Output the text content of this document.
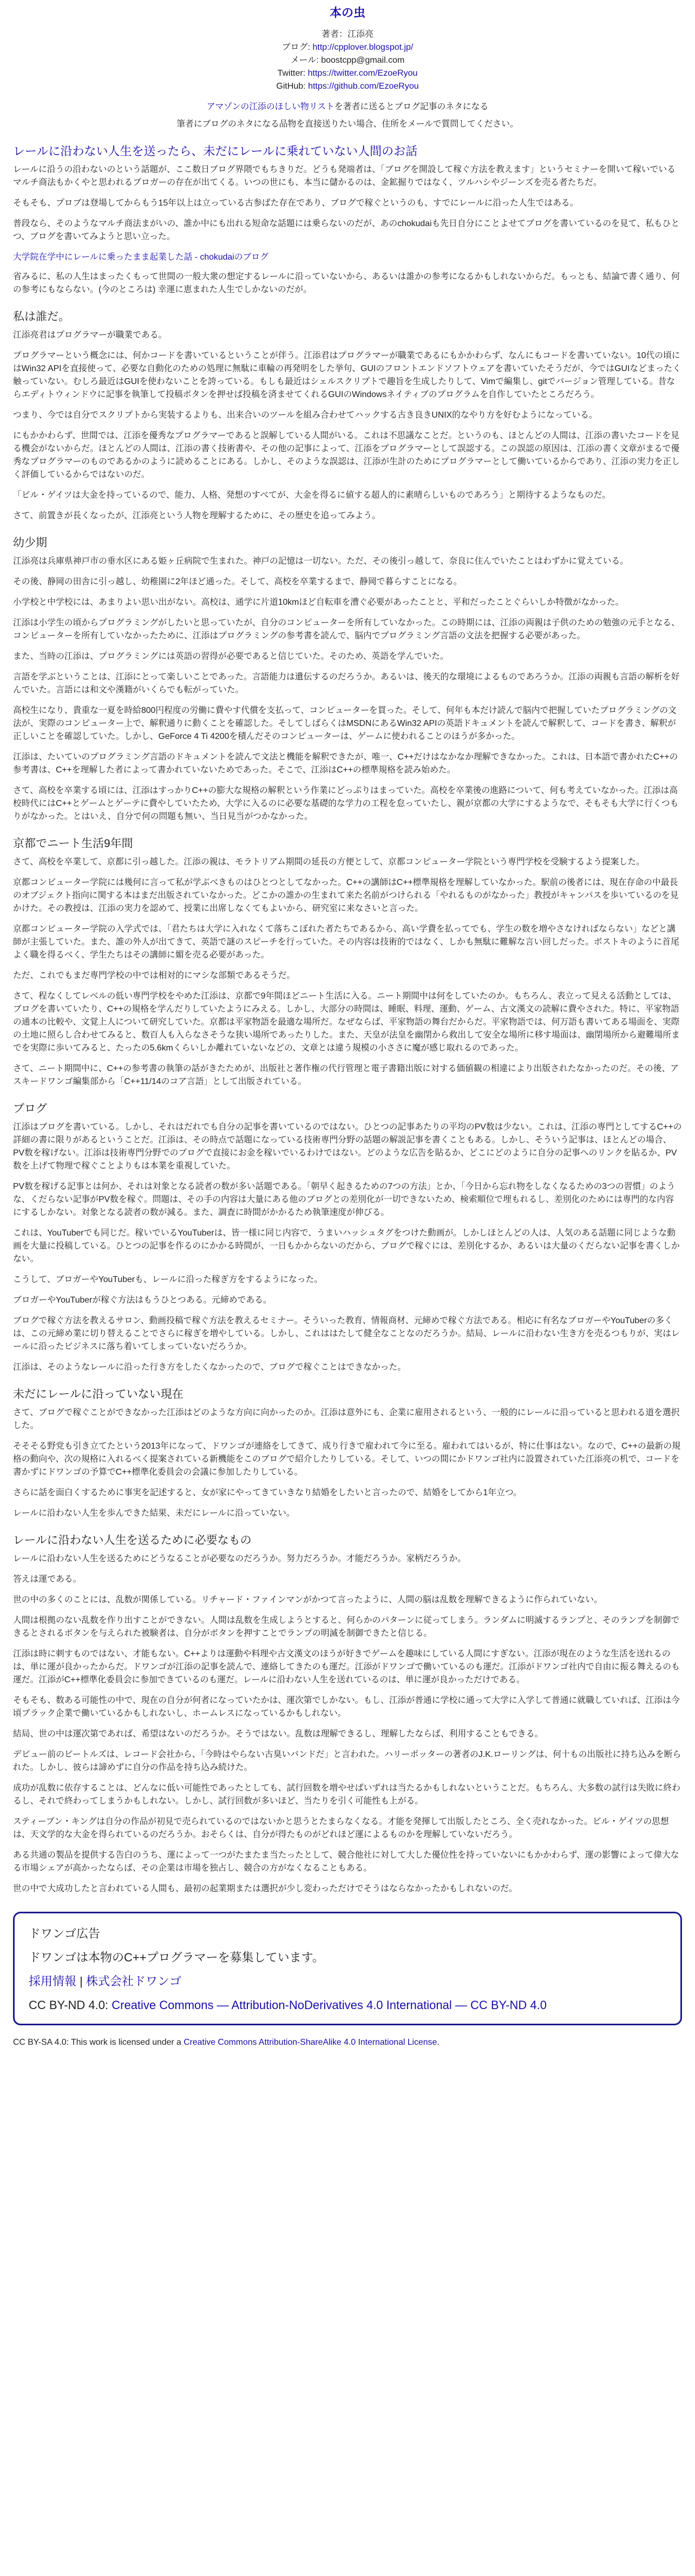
本の虫
著者：江添亮
ブログ: http://cpplover.blogspot.jp/
メール: boostcpp@gmail.com
Twitter: https://twitter.com/EzoeRyou
GitHub: https://github.com/EzoeRyou
アマゾンの江添のほしい物リストを著者に送るとブログ記事のネタになる
筆者にブログのネタになる品物を直接送りたい場合、住所をメールで質問してください。
レールに沿わない人生を送ったら、未だにレールに乗れていない人間のお話

レールに沿うの沿わないのという話題が、ここ数日ブログ界隈でもちきりだ。どうも発端者は、「ブログを開設して稼ぐ方法を教えます」というセミナーを開いて稼いでいるマルチ商法もかくやと思われるブロガーの存在が出てくる。いつの世にも、本当に儲かるのは、金鉱掘りではなく、ツルハシやジーンズを売る者たちだ。

そもそも、プロブは登場してからもう15年以上は立っている古参ばた存在であり、ブログで稼ぐというのも、すでにレールに沿った人生ではある。

普段なら、そのようなマルチ商法まがいの、誰か中にも出れる短命な話題には乗らないのだが、あのchokudaiも先日自分にことよせてブログを書いているのを見て、私もひとつ、ブログを書いてみようと思い立った。

大学院在学中にレールに乗ったまま起業した話 - chokudaiのブログ

省みるに、私の人生はまったくもって世間の一般大衆の想定するレールに沿っていないから、あるいは誰かの参考になるかもしれないからだ。もっとも、結論で書く通り、何の参考にもならない。(今のところは) 幸運に恵まれた人生でしかないのだが。

私は誰だ。

江添亮君はプログラマーが職業である。

プログラマーという概念には、何かコードを書いているということが伴う。江添君はプログラマーが職業であるにもかかわらず、なんにもコードを書いていない。10代の頃にはWin32 APIを直接使って、必要な自動化のための処理に無駄に車輪の再発明をした挙句、GUIのフロントエンドソフトウェアを書いていたそうだが、今ではGUIなどまったく触っていない。むしろ最近はGUIを使わないことを誇っている。もしも最近はシェルスクリプトで趣旨を生成したりして、Vimで編集し、gitでバージョン管理している。昔ならエディトウィンドウに記事を執筆して投稿ボタンを押せば投稿を済ませてくれるGUIのWindowsネイティブのプログラムを自作していたところだろう。

つまり、今では自分でスクリプトから実装するよりも、出来合いのツールを組み合わせてハックする古き良きUNIX的なやり方を好むようになっている。

にもかかわらず、世間では、江添を優秀なプログラマーであると誤解している人間がいる。これは不思議なことだ。というのも、ほとんどの人間は、江添の書いたコードを見る機会がないからだ。ほとんどの人間は、江添の書く技術書や、その他の記事によって、江添をプログラマーとして誤認する。この誤認の原因は、江添の書く文章がまるで優秀なプログラマーのものであるかのように読めることにある。しかし、そのような誤認は、江添が生計のためにプログラマーとして働いているからであり、江添の実力を正しく評価しているからではないのだ。

「ビル・ゲイツは大金を持っているので、能力、人格、発想のすべてが、大金を得るに値する超人的に素晴らしいものであろう」と期待するようなものだ。

さて、前置きが長くなったが、江添亮という人物を理解するために、その歴史を追ってみよう。

幼少期

江添亮は兵庫県神戸市の垂水区にある姫ヶ丘病院で生まれた。神戸の記憶は一切ない。ただ、その後引っ越して、奈良に住んでいたことはわずかに覚えている。

その後、静岡の田舎に引っ越し、幼稚園に2年ほど通った。そして、高校を卒業するまで、静岡で暮らすことになる。

小学校と中学校には、あまりよい思い出がない。高校は、通学に片道10kmほど自転車を漕ぐ必要があったことと、平和だったことぐらいしか特徴がなかった。

江添は小学生の頃からプログラミングがしたいと思っていたが、自分のコンピューターを所有していなかった。この時期には、江添の両親は子供のための勉強の元手となる、コンピューターを所有していなかったために、江添はプログラミングの参考書を読んで、脳内でプログラミング言語の文法を把握する必要があった。

また、当時の江添は、プログラミングには英語の習得が必要であると信じていた。そのため、英語を学んでいた。

言語を学ぶということは、江添にとって楽しいことであった。言語能力は遺伝するのだろうか。あるいは、後天的な環境によるものであろうか。江添の両親も言語の解析を好んでいた。言語には和文や漢籍がいくらでも転がっていた。

高校生になり、貴重な一夏を時給800円程度の労働に費やす代償を支払って、コンピューターを買った。そして、何年も本だけ読んで脳内で把握していたプログラミングの文法が、実際のコンピューター上で、解釈通りに動くことを確認した。そしてしばらくはMSDNにあるWin32 APIの英語ドキュメントを読んで解釈して、コードを書き、解釈が正しいことを確認していた。しかし、GeForce 4 Ti 4200を積んだそのコンピューターは、ゲームに使われることのほうが多かった。

江添は、たいていのプログラミング言語のドキュメントを読んで文法と機能を解釈できたが、唯一、C++だけはなかなか理解できなかった。これは、日本語で書かれたC++の参考書は、C++を理解した者によって書かれていないためであった。そこで、江添はC++の標準規格を読み始めた。

さて、高校を卒業する頃には、江添はすっかりC++の膨大な規格の解釈という作業にどっぷりはまっていた。高校を卒業後の進路について、何も考えていなかった。江添は高校時代にはC++とゲームとゲーテに費やしていたため、大学に入るのに必要な基礎的な学力の工程を怠っていたし、親が京都の大学にするようなで、そもそも大学に行くつもりがなかった。とはいえ、自分で何の問題も無い、当日見当がつかなかった。

京都でニート生活9年間

さて、高校を卒業して、京都に引っ越した。江添の親は、モラトリアム期間の延長の方便として、京都コンピューター学院という専門学校を受験するよう提案した。

京都コンピューター学院には幾何に言って私が学ぶべきものはひとつとしてなかった。C++の講師はC++標準規格を理解していなかった。駅前の後者には、現在存命の中最長のオブジェクト指向に関する本はまだ出版されていなかった。どこかの誰かの生まれて来た名前がつけられる「やれるものがなかった」教授がキャンパスを歩いているのを見かけた。その教授は、江添の実力を認めて、授業に出席しなくてもよいから、研究室に来なさいと言った。

京都コンピューター学院の入学式では、「君たちは大学に入れなくて落ちこぼれた者たちであるから、高い学費を払ってでも、学生の数を増やさなければならない」などと講師が主張していた。また、誰の外人が出てきて、英語で謎のスピーチを行っていた。その内容は技術的ではなく、しかも無駄に難解な言い回しだった。ボストキのように首尾よく職を得るべく、学生たちはその講師に媚を売る必要があった。

ただ、これでもまだ専門学校の中では相対的にマシな部類であるそうだ。

さて、程なくしてレベルの低い専門学校をやめた江添は、京都で9年間ほどニート生活に入る。ニート期間中は何をしていたのか。もちろん、表立って見える活動としては、ブログを書いていたり、C++の規格を学んだりしていたようにみえる。しかし、大部分の時間は、睡眠、料理、運動、ゲーム、古文漢文の読解に費やされた。特に、平家物語の通本の比較や、文覚上人について研究していた。京都は平家物語を最適な場所だ。なぜならば、平家物語の舞台だからだ。平家物語では、何万語も書いてある場面を、実際の土地に照らし合わせてみると、数百人も入らなさそうな狭い場所であったりした。また、天皇が法皇を幽閉から救出して安全な場所に移す場面は、幽閉場所から避難場所までを実際に歩いてみると、たったの5.6kmくらいしか離れていないなどの、文章とは違う規模の小ささに魔が感じ取れるのであった。

さて、ニート期間中に、C++の参考書の執筆の話がきたためが、出版社と著作権の代行管理と電子書籍出版に対する価値観の相違により出版されたなかったのだ。その後、アスキードワンゴ編集部から「C++11/14のコア言語」として出版されている。

ブログ

江添はブログを書いている。しかし、それはだれでも自分の記事を書いているのではない。ひとつの記事あたりの平均のPV数は少ない。これは、江添の専門としてするC++の詳細の書に限りがあるということだ。江添は、その時点で話題になっている技術専門分野の話題の解説記事を書くこともある。しかし、そういう記事は、ほとんどの場合、PV数を稼げない。江添は技術専門分野でのブログで直接にお金を稼いでいるわけではない。どのような広告を貼るか、どこにどのように自分の記事へのリンクを貼るか、PV数を上げて物理で稼ぐことよりもは本業を重視していた。

PV数を稼げる記事とは何か、それは対象となる読者の数が多い話題である。「朝早く起きるための7つの方法」とか、「今日から忘れ物をしなくなるための3つの習慣」のような、くだらない記事がPV数を稼ぐ。問題は、その手の内容は大量にある他のブログとの差別化が一切できないため、検索順位で埋もれるし、差別化のためには専門的な内容にするしかない。対象となる読者の数が減る。また、調査に時間がかかるため執筆速度が伸びる。

これは、YouTuberでも同じだ。稼いでいるYouTuberは、皆一様に同じ内容で、うまいハッシュタグをつけた動画が。しかしほとんどの人は、人気のある話題に同じような動画を大量に投稿している。ひとつの記事を作るのにかかる時間が、一日もかからないのだから、ブログで稼ぐには、差別化するか、あるいは大量のくだらない記事を書くしかない。

こうして、ブロガーやYouTuberも、レールに沿った稼ぎ方をするようになった。

ブロガーやYouTuberが稼ぐ方法はもうひとつある。元締めである。

ブログで稼ぐ方法を教えるサロン、動画投稿で稼ぐ方法を教えるセミナー。そういった教育、情報商材、元締めで稼ぐ方法である。相応に有名なブロガーやYouTuberの多くは、この元締め業に切り替えることでさらに稼ぎを増やしている。しかし、これははたして健全なことなのだろうか。結局、レールに沿わない生き方を売るつもりが、実はレールに沿ったビジネスに落ち着いてしまっていないだろうか。

江添は、そのようなレールに沿った行き方をしたくなかったので、ブログで稼ぐことはできなかった。

未だにレールに沿っていない現在

さて、ブログで稼ぐことができなかった江添はどのような方向に向かったのか。江添は意外にも、企業に雇用されるという、一般的にレールに沿っていると思われる道を選択した。

そそそる野党も引き立てたという2013年になって、ドワンゴが連絡をしてきて、成り行きで雇われて今に至る。雇われてはいるが、特に仕事はない。なので、C++の最新の規格の動向や、次の規格に入れるべく提案されている新機能をこのブログで紹介したりしている。そして、いつの間にかドワンゴ社内に設置されていた江添亮の机で、コードを書かずにドワンゴの予算でC++標準化委員会の会議に参加したりしている。

さらに話を面白くするために事実を記述すると、女が家にやってきていきなり結婚をしたいと言ったので、結婚をしてから1年立つ。

レールに沿わない人生を歩んできた結果、未だにレールに沿っていない。

レールに沿わない人生を送るために必要なもの

レールに沿わない人生を送るためにどうなることが必要なのだろうか。努力だろうか。才能だろうか。家柄だろうか。

答えは運である。

世の中の多くのことには、乱数が関係している。リチャード・ファインマンがかつて言ったように、人間の脳は乱数を理解できるように作られていない。

人間は根拠のない乱数を作り出すことができない。人間は乱数を生成しようとすると、何らかのパターンに従ってしまう。ランダムに明滅するランプと、そのランプを制御できるとされるボタンを与えられた被験者は、自分がボタンを押すことでランプの明滅を制御できたと信じる。

江添は時に刺すものではない、才能もない。C++よりは運動や料理や古文漢文のほうが好きでゲームを趣味にしている人間にすぎない。江添が現在のような生活を送れるのは、単に運が良かったからだ。ドワンゴが江添の記事を読んで、連絡してきたのも運だ。江添がドワンゴで働いているのも運だ。江添がドワンゴ社内で自由に振る舞えるのも運だ。江添がC++標準化委員会に参加できているのも運だ。レールに沿わない人生を送れているのは、単に運が良かっただけである。

そもそも、数ある可能性の中で、現在の自分が何者になっていたかは、運次第でしかない。もし、江添が普通に学校に通って大学に入学して普通に就職していれば、江添は今頃ブラック企業で働いているかもしれないし、ホームレスになっているかもしれない。

結局、世の中は運次第であれば、希望はないのだろうか。そうではない。乱数は理解できるし、理解したならば、利用することもできる。

デビュー前のビートルズは、レコード会社から、「今時はやらない古臭いバンドだ」と言われた。ハリーポッターの著者のJ.K.ローリングは、何十もの出版社に持ち込みを断られた。しかし、彼らは諦めずに自分の作品を持ち込み続けた。

成功が乱数に依存することは、どんなに低い可能性であったとしても、試行回数を増やせばいずれは当たるかもしれないということだ。もちろん、大多数の試行は失敗に終わるし、それで終わってしまうかもしれない。しかし、試行回数が多いほど、当たりを引く可能性も上がる。

スティーブン・キングは自分の作品が初見で売られているのではないかと思うとたまらなくなる。才能を発揮して出版したところ、全く売れなかった。ビル・ゲイツの思想は、天文学的な大金を得られているのだろうか。おそらくは、自分が得たものがどれほど運によるものかを理解していないだろう。

ある共通の製品を提供する告白のうち、運によって一つがたまたま当たったとして、競合他社に対して大した優位性を持っていないにもかかわらず、運の影響によって偉大なる市場シェアが高かったならば、その企業は市場を独占し、競合の方がなくなることもある。

世の中で大成功したと言われている人間も、最初の起業期または選択が少し変わっただけでそうはならなかったかもしれないのだ。

ドワンゴ広告
ドワンゴは本物のC++プログラマーを募集しています。
採用情報 | 株式会社ドワンゴ
CC BY-ND 4.0: Creative Commons — Attribution-NoDerivatives 4.0 International — CC BY-ND 4.0
CC BY-SA 4.0: This work is licensed under a Creative Commons Attribution-ShareAlike 4.0 International License.
